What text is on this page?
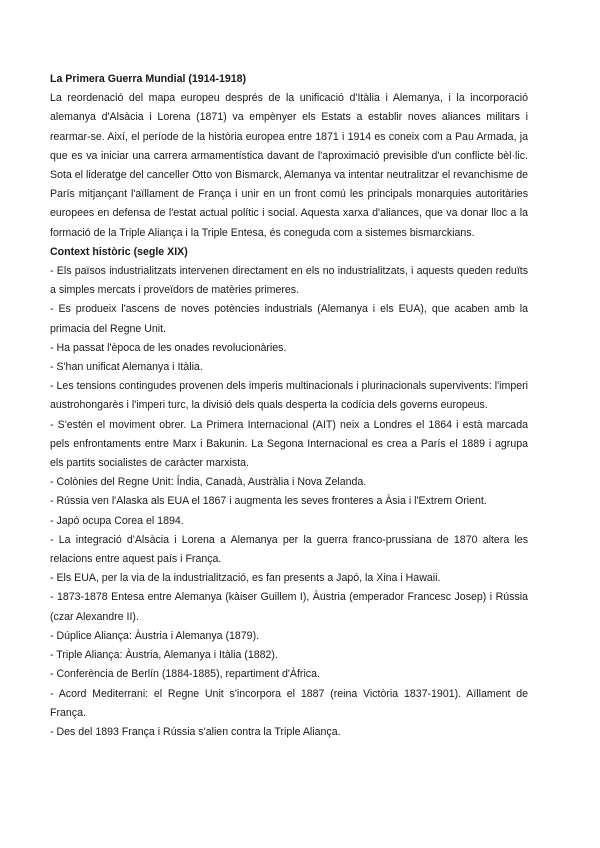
La Primera Guerra Mundial (1914-1918)

La reordenació del mapa europeu després de la unificació d'Itàlia i Alemanya, i la incorporació alemanya d'Alsàcia i Lorena (1871) va empènyer els Estats a establir noves aliances militars i rearmar-se. Així, el període de la història europea entre 1871 i 1914 es coneix com a Pau Armada, ja que es va iniciar una carrera armamentística davant de l'aproximació previsible d'un conflicte bèl·lic. Sota el lideratge del canceller Otto von Bismarck, Alemanya va intentar neutralitzar el revanchisme de París mitjançant l'aïllament de França i unir en un front comú les principals monarquies autoritàries europees en defensa de l'estat actual polític i social. Aquesta xarxa d'aliances, que va donar lloc a la formació de la Triple Aliança i la Triple Entesa, és coneguda com a sistemes bismarckians.

Context històric (segle XIX)

- Els països industrialitzats intervenen directament en els no industrialitzats, i aquests queden reduïts a simples mercats i proveïdors de matèries primeres.

- Es produeix l'ascens de noves potències industrials (Alemanya i els EUA), que acaben amb la primacia del Regne Unit.

- Ha passat l'època de les onades revolucionàries.

- S'han unificat Alemanya i Itàlia.

- Les tensions contingudes provenen dels imperis multinacionals i plurinacionals supervivents: l'imperi austrohongarès i l'imperi turc, la divisió dels quals desperta la codícia dels governs europeus.

- S'estén el moviment obrer. La Primera Internacional (AIT) neix a Londres el 1864 i està marcada pels enfrontaments entre Marx i Bakunin. La Segona Internacional es crea a París el 1889 i agrupa els partits socialistes de caràcter marxista.

- Colònies del Regne Unit: Índia, Canadà, Austràlia i Nova Zelanda.

- Rússia ven l'Alaska als EUA el 1867 i augmenta les seves fronteres a Àsia i l'Extrem Orient.

- Japó ocupa Corea el 1894.

- La integració d'Alsàcia i Lorena a Alemanya per la guerra franco-prussiana de 1870 altera les relacions entre aquest país i França.

- Els EUA, per la via de la industrialització, es fan presents a Japó, la Xina i Hawaii.

- 1873-1878 Entesa entre Alemanya (kàiser Guillem I), Àustria (emperador Francesc Josep) i Rússia (czar Alexandre II).

- Dúplice Aliança: Àustria i Alemanya (1879).

- Triple Aliança: Àustria, Alemanya i Itàlia (1882).

- Conferència de Berlín (1884-1885), repartiment d'Àfrica.

- Acord Mediterrani: el Regne Unit s'incorpora el 1887 (reina Victòria 1837-1901). Aïllament de França.

- Des del 1893 França i Rússia s'alien contra la Triple Aliança.
